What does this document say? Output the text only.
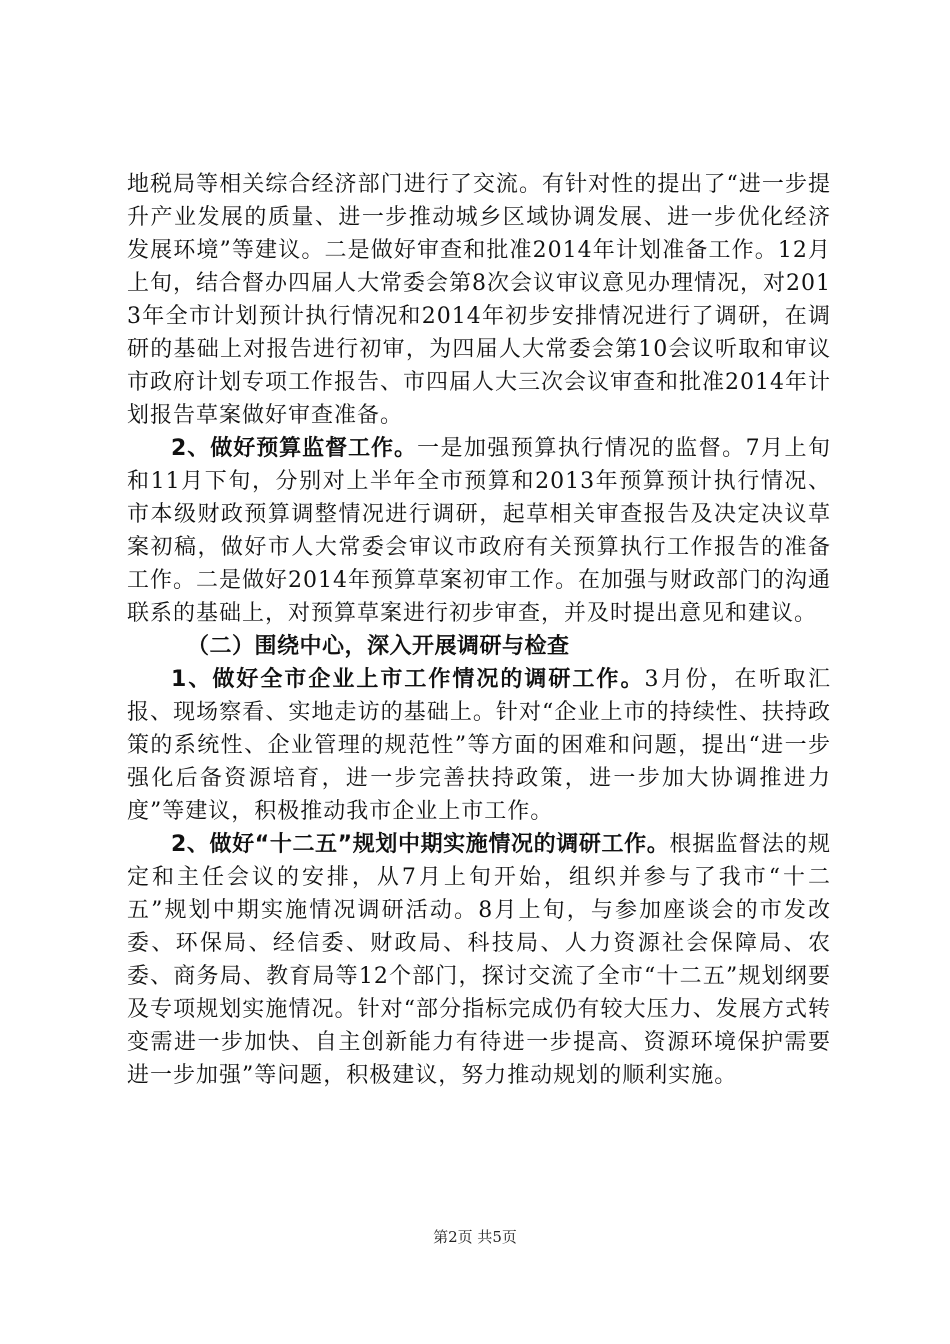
地税局等相关综合经济部门进行了交流。有针对性的提出了“进一步提升产业发展的质量、进一步推动城乡区域协调发展、进一步优化经济发展环境”等建议。二是做好审查和批准2014年计划准备工作。12月上旬，结合督办四届人大常委会第8次会议审议意见办理情况，对2013年全市计划预计执行情况和2014年初步安排情况进行了调研，在调研的基础上对报告进行初审，为四届人大常委会第10会议听取和审议市政府计划专项工作报告、市四届人大三次会议审查和批准2014年计划报告草案做好审查准备。

2、做好预算监督工作。一是加强预算执行情况的监督。7月上旬和11月下旬，分别对上半年全市预算和2013年预算预计执行情况、市本级财政预算调整情况进行调研，起草相关审查报告及决定决议草案初稿，做好市人大常委会审议市政府有关预算执行工作报告的准备工作。二是做好2014年预算草案初审工作。在加强与财政部门的沟通联系的基础上，对预算草案进行初步审查，并及时提出意见和建议。

（二）围绕中心，深入开展调研与检查

1、做好全市企业上市工作情况的调研工作。3月份，在听取汇报、现场察看、实地走访的基础上。针对“企业上市的持续性、扶持政策的系统性、企业管理的规范性”等方面的困难和问题，提出“进一步强化后备资源培育，进一步完善扶持政策，进一步加大协调推进力度”等建议，积极推动我市企业上市工作。

2、做好“十二五”规划中期实施情况的调研工作。根据监督法的规定和主任会议的安排，从7月上旬开始，组织并参与了我市“十二五”规划中期实施情况调研活动。8月上旬，与参加座谈会的市发改委、环保局、经信委、财政局、科技局、人力资源社会保障局、农委、商务局、教育局等12个部门，探讨交流了全市“十二五”规划纲要及专项规划实施情况。针对“部分指标完成仍有较大压力、发展方式转变需进一步加快、自主创新能力有待进一步提高、资源环境保护需要进一步加强”等问题，积极建议，努力推动规划的顺利实施。

第2页 共5页
